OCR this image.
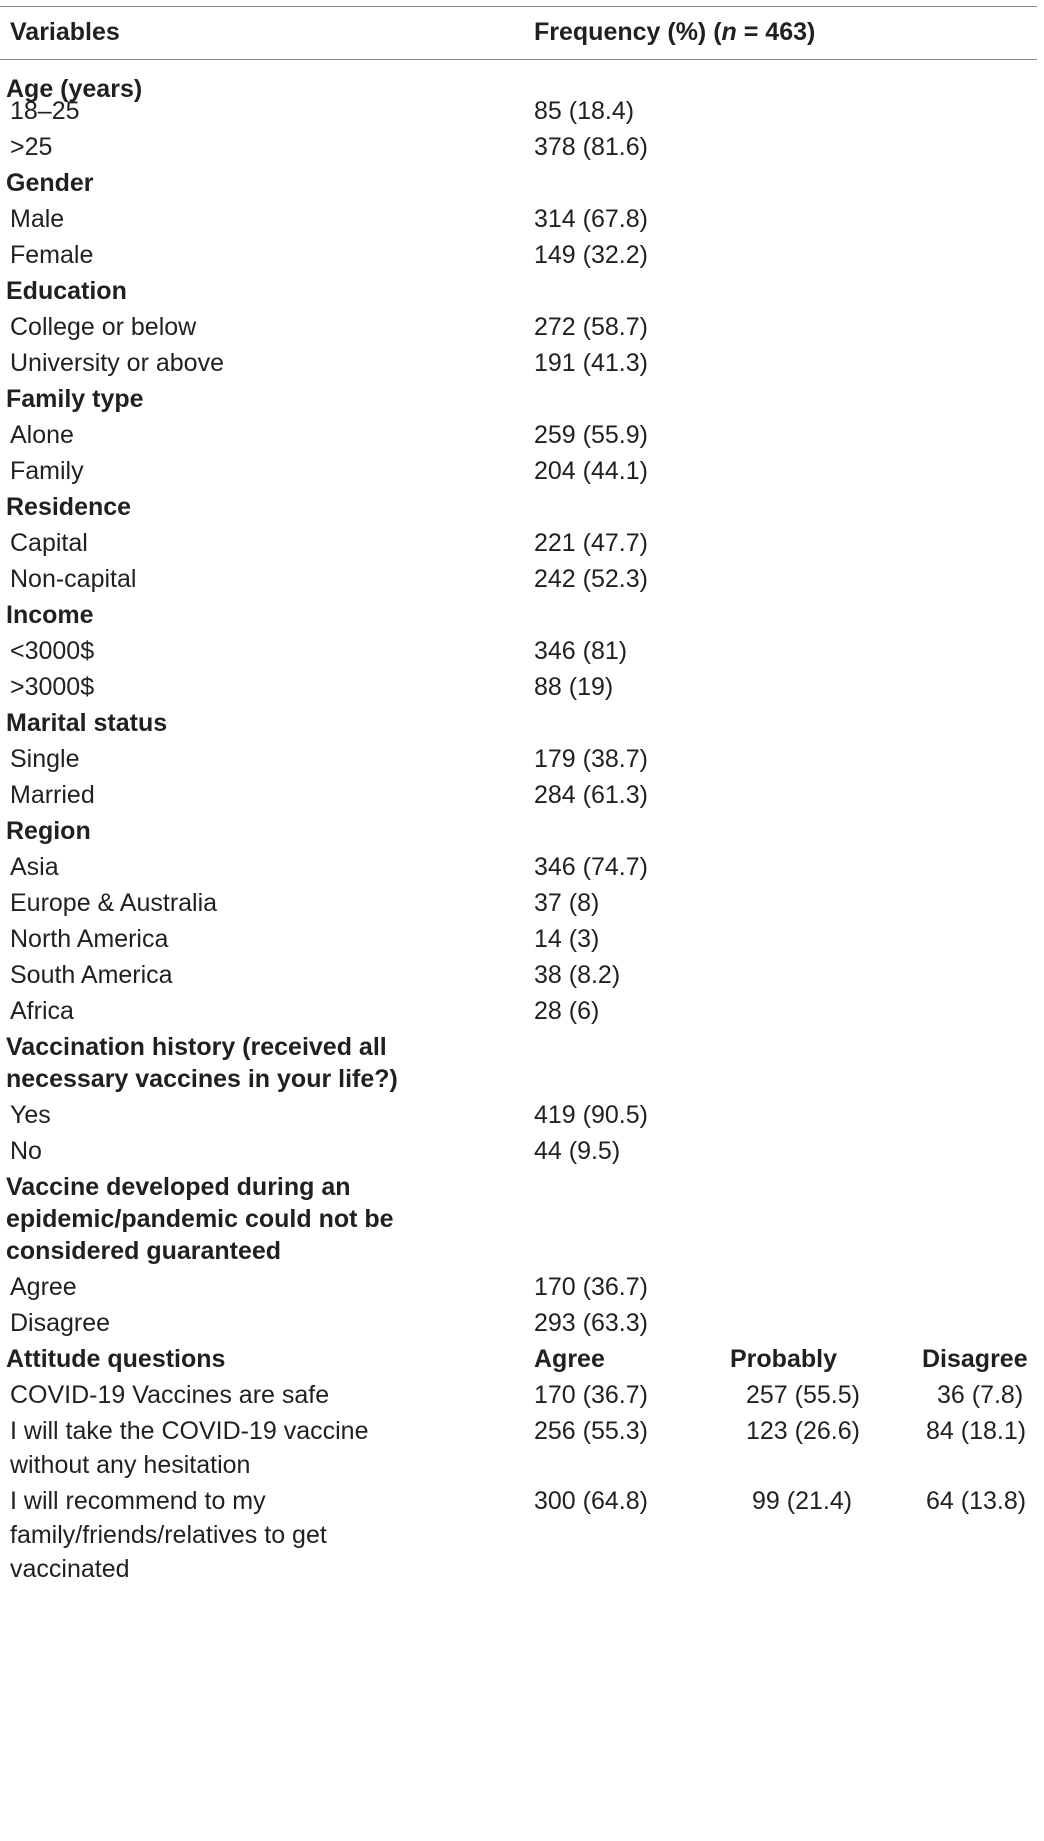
Variables	Frequency (%) (n = 463)
Age (years)
18–25	85 (18.4)
>25	378 (81.6)
Gender
Male	314 (67.8)
Female	149 (32.2)
Education
College or below	272 (58.7)
University or above	191 (41.3)
Family type
Alone	259 (55.9)
Family	204 (44.1)
Residence
Capital	221 (47.7)
Non-capital	242 (52.3)
Income
<3000$	346 (81)
>3000$	88 (19)
Marital status
Single	179 (38.7)
Married	284 (61.3)
Region
Asia	346 (74.7)
Europe & Australia	37 (8)
North America	14 (3)
South America	38 (8.2)
Africa	28 (6)
Vaccination history (received all
necessary vaccines in your life?)
Yes	419 (90.5)
No	44 (9.5)
Vaccine developed during an
epidemic/pandemic could not be
considered guaranteed
Agree	170 (36.7)
Disagree	293 (63.3)
Attitude questions	Agree	Probably	Disagree
COVID-19 Vaccines are safe	170 (36.7)	257 (55.5)	36 (7.8)
I will take the COVID-19 vaccine
without any hesitation
256 (55.3)	123 (26.6)	84 (18.1)
I will recommend to my
family/friends/relatives to get
vaccinated
300 (64.8)	99 (21.4)	64 (13.8)
